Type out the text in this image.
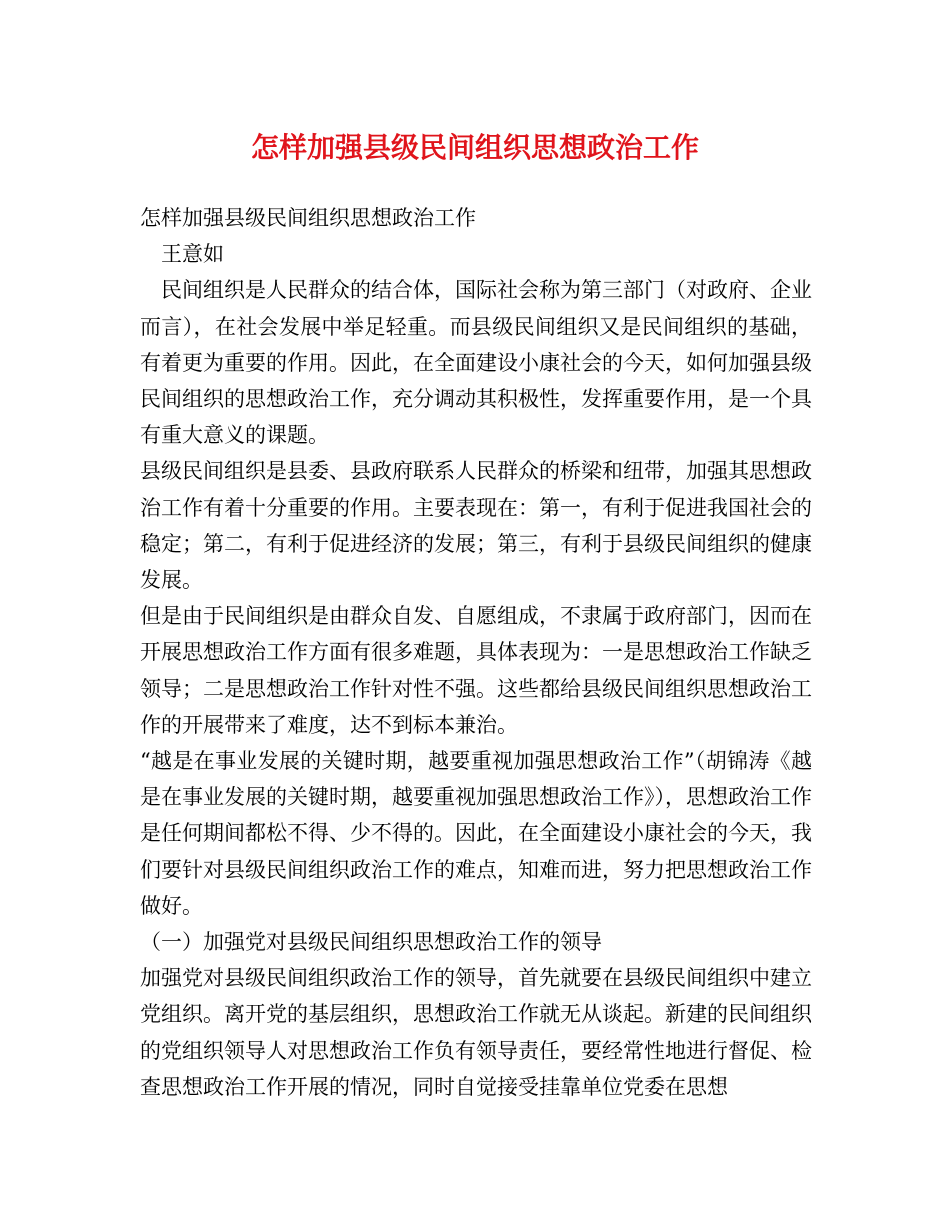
怎样加强县级民间组织思想政治工作

怎样加强县级民间组织思想政治工作

王意如

民间组织是人民群众的结合体，国际社会称为第三部门（对政府、企业而言），在社会发展中举足轻重。而县级民间组织又是民间组织的基础，有着更为重要的作用。因此，在全面建设小康社会的今天，如何加强县级民间组织的思想政治工作，充分调动其积极性，发挥重要作用，是一个具有重大意义的课题。

县级民间组织是县委、县政府联系人民群众的桥梁和纽带，加强其思想政治工作有着十分重要的作用。主要表现在：第一，有利于促进我国社会的稳定；第二，有利于促进经济的发展；第三，有利于县级民间组织的健康发展。

但是由于民间组织是由群众自发、自愿组成，不隶属于政府部门，因而在开展思想政治工作方面有很多难题，具体表现为：一是思想政治工作缺乏领导；二是思想政治工作针对性不强。这些都给县级民间组织思想政治工作的开展带来了难度，达不到标本兼治。

“越是在事业发展的关键时期，越要重视加强思想政治工作”（胡锦涛《越是在事业发展的关键时期，越要重视加强思想政治工作》），思想政治工作是任何期间都松不得、少不得的。因此，在全面建设小康社会的今天，我们要针对县级民间组织政治工作的难点，知难而进，努力把思想政治工作做好。

（一）加强党对县级民间组织思想政治工作的领导

加强党对县级民间组织政治工作的领导，首先就要在县级民间组织中建立党组织。离开党的基层组织，思想政治工作就无从谈起。新建的民间组织的党组织领导人对思想政治工作负有领导责任，要经常性地进行督促、检查思想政治工作开展的情况，同时自觉接受挂靠单位党委在思想
